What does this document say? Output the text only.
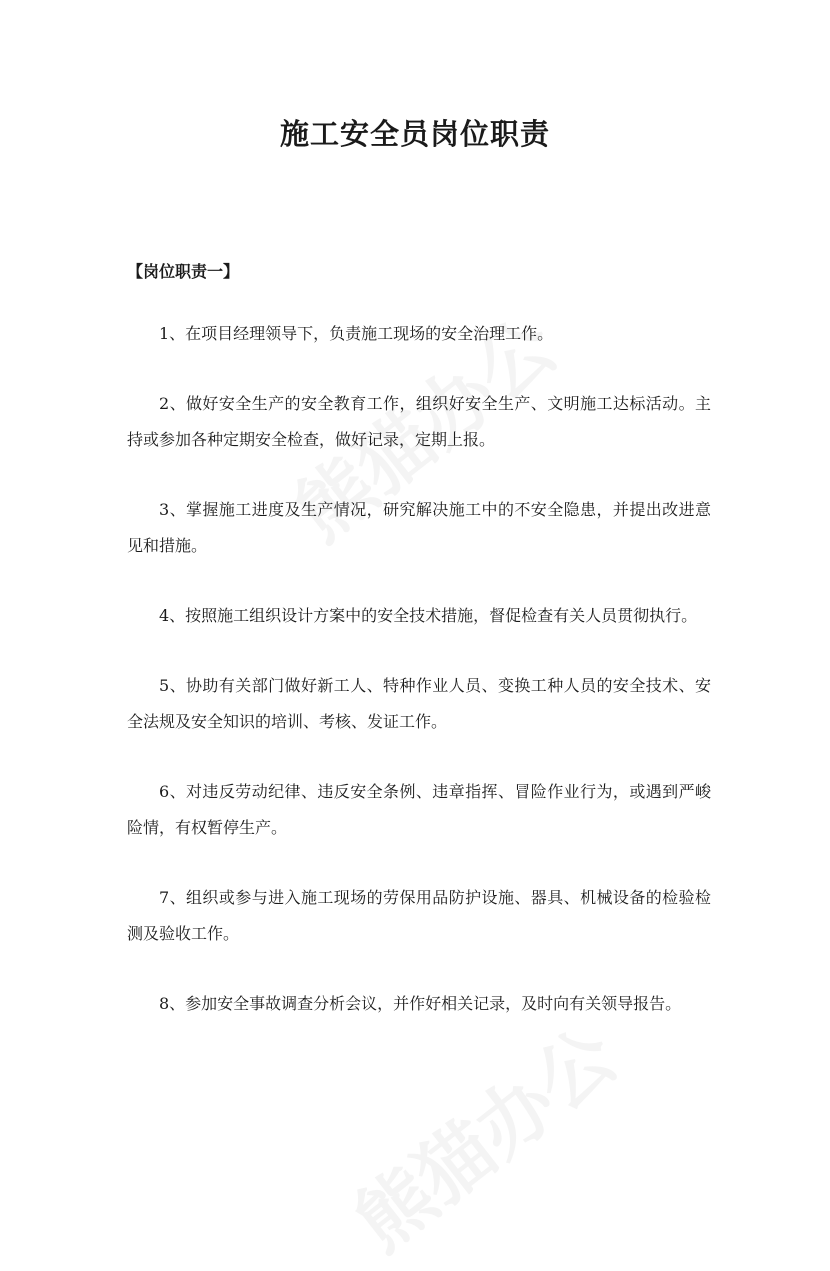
施工安全员岗位职责
【岗位职责一】

1、在项目经理领导下，负责施工现场的安全治理工作。

2、做好安全生产的安全教育工作，组织好安全生产、文明施工达标活动。主持或参加各种定期安全检查，做好记录，定期上报。

3、掌握施工进度及生产情况，研究解决施工中的不安全隐患，并提出改进意见和措施。

4、按照施工组织设计方案中的安全技术措施，督促检查有关人员贯彻执行。

5、协助有关部门做好新工人、特种作业人员、变换工种人员的安全技术、安全法规及安全知识的培训、考核、发证工作。

6、对违反劳动纪律、违反安全条例、违章指挥、冒险作业行为，或遇到严峻险情，有权暂停生产。

7、组织或参与进入施工现场的劳保用品防护设施、器具、机械设备的检验检测及验收工作。

8、参加安全事故调查分析会议，并作好相关记录，及时向有关领导报告。
